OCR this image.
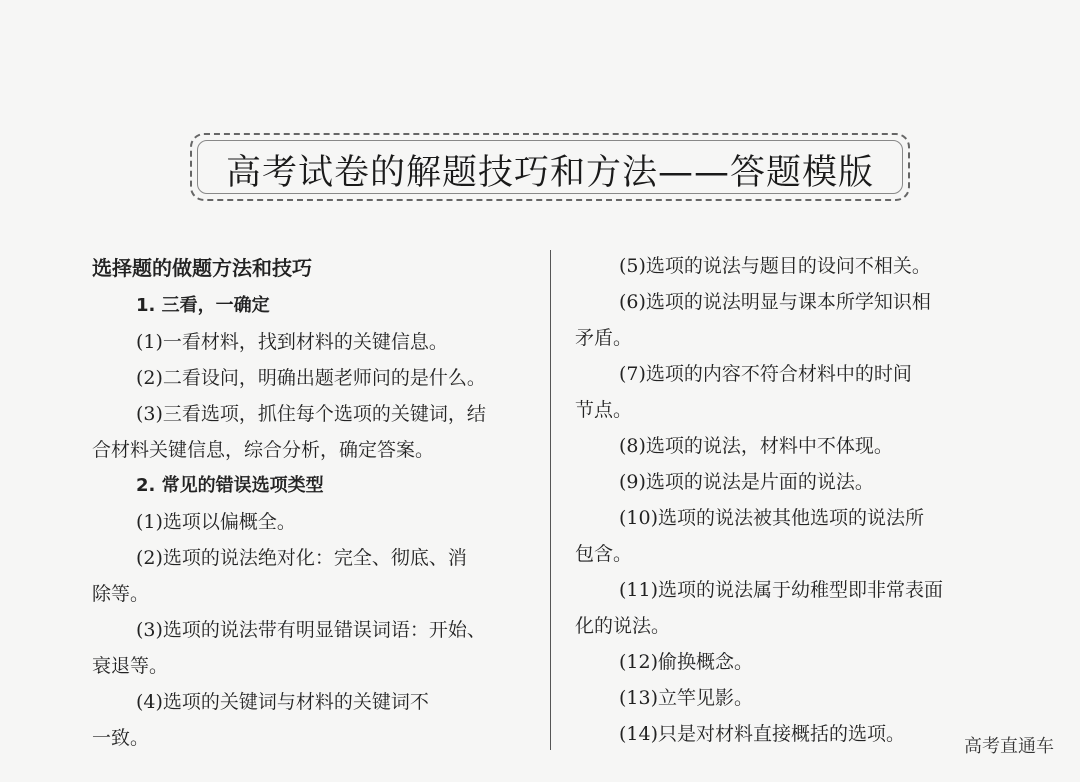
高考试卷的解题技巧和方法——答题模版
选择题的做题方法和技巧
1. 三看，一确定
(1)一看材料，找到材料的关键信息。
(2)二看设问，明确出题老师问的是什么。
(3)三看选项，抓住每个选项的关键词，结
合材料关键信息，综合分析，确定答案。
2. 常见的错误选项类型
(1)选项以偏概全。
(2)选项的说法绝对化：完全、彻底、消
除等。
(3)选项的说法带有明显错误词语：开始、
衰退等。
(4)选项的关键词与材料的关键词不
一致。
(5)选项的说法与题目的设问不相关。
(6)选项的说法明显与课本所学知识相
矛盾。
(7)选项的内容不符合材料中的时间
节点。
(8)选项的说法，材料中不体现。
(9)选项的说法是片面的说法。
(10)选项的说法被其他选项的说法所
包含。
(11)选项的说法属于幼稚型即非常表面
化的说法。
(12)偷换概念。
(13)立竿见影。
(14)只是对材料直接概括的选项。
高考直通车
